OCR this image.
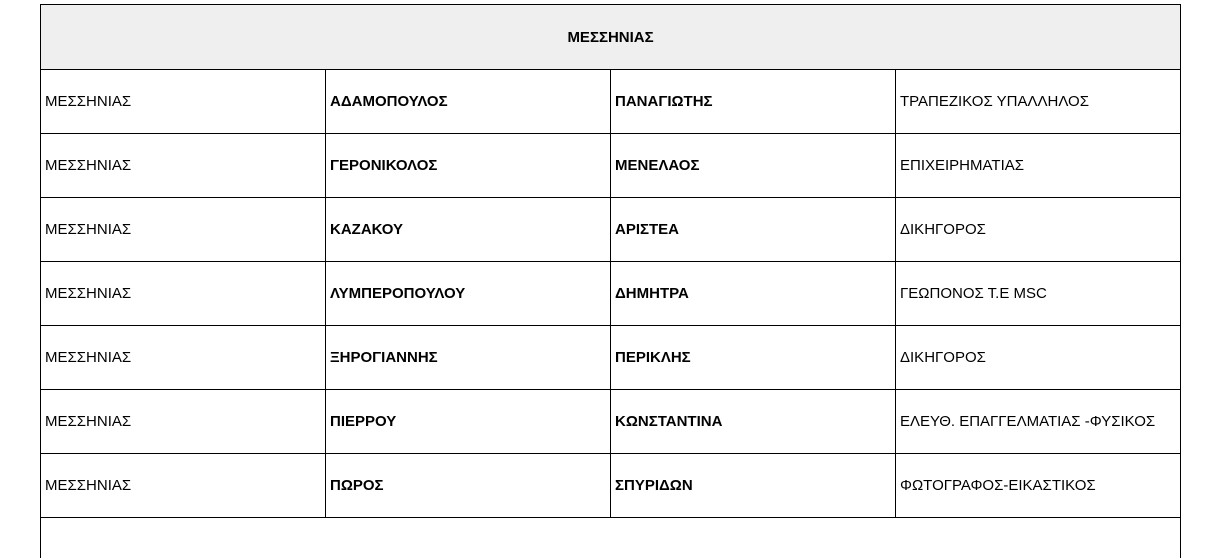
ΜΕΣΣΗΝΙΑΣ			
ΜΕΣΣΗΝΙΑΣ	ΑΔΑΜΟΠΟΥΛΟΣ	ΠΑΝΑΓΙΩΤΗΣ	ΤΡΑΠΕΖΙΚΟΣ ΥΠΑΛΛΗΛΟΣ
ΜΕΣΣΗΝΙΑΣ	ΓΕΡΟΝΙΚΟΛΟΣ	ΜΕΝΕΛΑΟΣ	ΕΠΙΧΕΙΡΗΜΑΤΙΑΣ
ΜΕΣΣΗΝΙΑΣ	ΚΑΖΑΚΟΥ	ΑΡΙΣΤΕΑ	ΔΙΚΗΓΟΡΟΣ
ΜΕΣΣΗΝΙΑΣ	ΛΥΜΠΕΡΟΠΟΥΛΟΥ	ΔΗΜΗΤΡΑ	ΓΕΩΠΟΝΟΣ Τ.Ε MSC
ΜΕΣΣΗΝΙΑΣ	ΞΗΡΟΓΙΑΝΝΗΣ	ΠΕΡΙΚΛΗΣ	ΔΙΚΗΓΟΡΟΣ
ΜΕΣΣΗΝΙΑΣ	ΠΙΕΡΡΟΥ	ΚΩΝΣΤΑΝΤΙΝΑ	ΕΛΕΥΘ. ΕΠΑΓΓΕΛΜΑΤΙΑΣ -ΦΥΣΙΚΟΣ
ΜΕΣΣΗΝΙΑΣ	ΠΩΡΟΣ	ΣΠΥΡΙΔΩΝ	ΦΩΤΟΓΡΑΦΟΣ-ΕΙΚΑΣΤΙΚΟΣ
